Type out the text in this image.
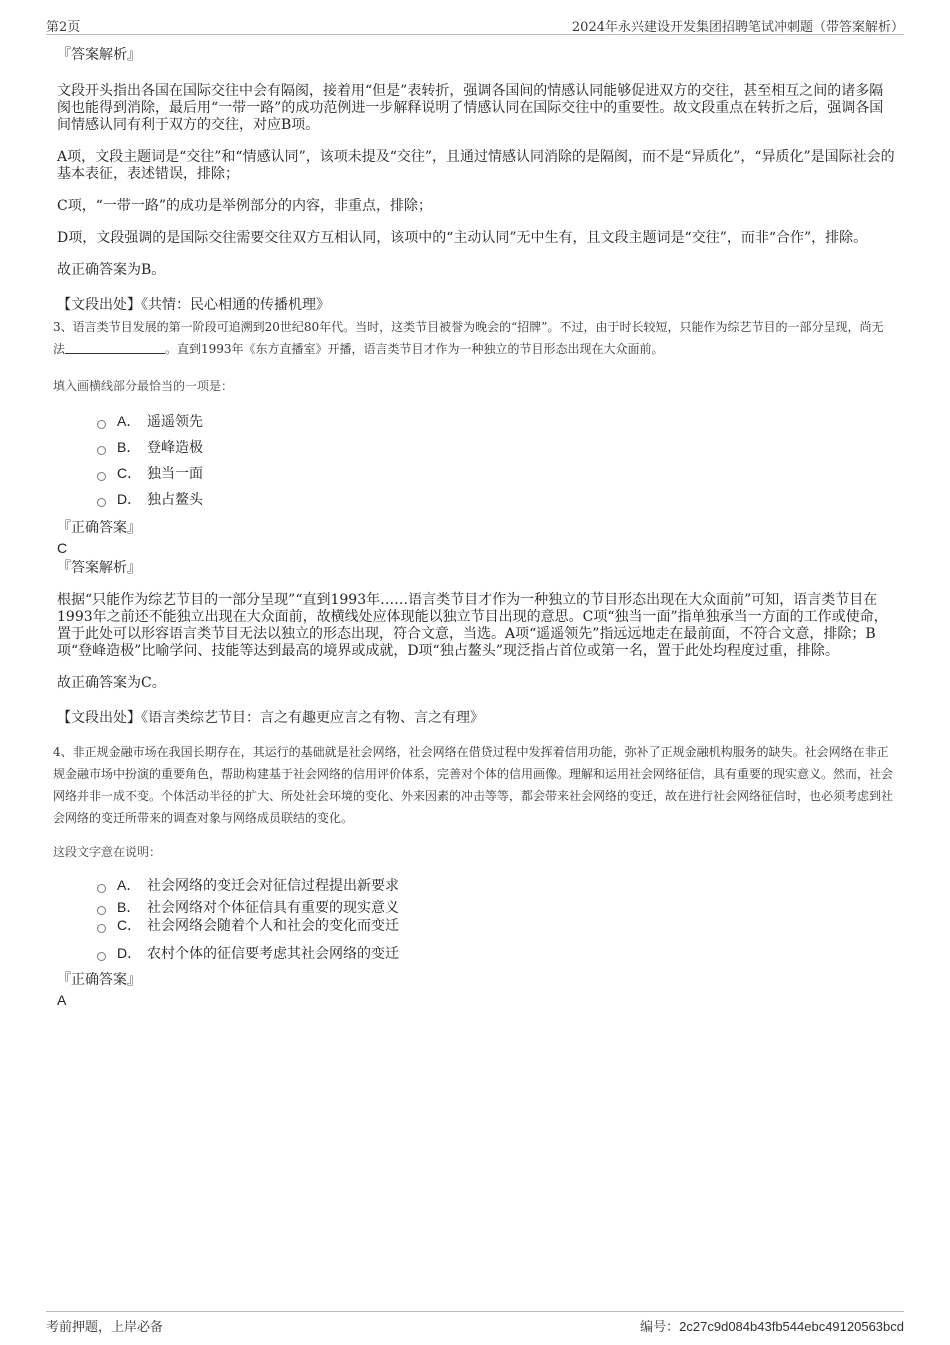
第2页	2024年永兴建设开发集团招聘笔试冲刺题（带答案解析）

『答案解析』

文段开头指出各国在国际交往中会有隔阂，接着用“但是”表转折，强调各国间的情感认同能够促进双方的交往，甚至相互之间的诸多隔阂也能得到消除，最后用“一带一路”的成功范例进一步解释说明了情感认同在国际交往中的重要性。故文段重点在转折之后，强调各国间情感认同有利于双方的交往，对应B项。

A项，文段主题词是“交往”和“情感认同”，该项未提及“交往”，且通过情感认同消除的是隔阂，而不是“异质化”，“异质化”是国际社会的基本表征，表述错误，排除；

C项，“一带一路”的成功是举例部分的内容，非重点，排除；

D项，文段强调的是国际交往需要交往双方互相认同，该项中的“主动认同”无中生有，且文段主题词是“交往”，而非“合作”，排除。

故正确答案为B。

【文段出处】《共情：民心相通的传播机理》

3、语言类节目发展的第一阶段可追溯到20世纪80年代。当时，这类节目被誉为晚会的“招牌”。不过，由于时长较短，只能作为综艺节目的一部分呈现，尚无法	。直到1993年《东方直播室》开播，语言类节目才作为一种独立的节目形态出现在大众面前。

填入画横线部分最恰当的一项是：

A． 遥遥领先
B． 登峰造极
C． 独当一面
D． 独占鳌头

『正确答案』

C

『答案解析』

根据“只能作为综艺节目的一部分呈现”“直到1993年……语言类节目才作为一种独立的节目形态出现在大众面前”可知，语言类节目在1993年之前还不能独立出现在大众面前，故横线处应体现能以独立节目出现的意思。C项“独当一面”指单独承当一方面的工作或使命，置于此处可以形容语言类节目无法以独立的形态出现，符合文意，当选。A项“遥遥领先”指远远地走在最前面，不符合文意，排除；B项“登峰造极”比喻学问、技能等达到最高的境界或成就，D项“独占鳌头”现泛指占首位或第一名，置于此处均程度过重，排除。

故正确答案为C。

【文段出处】《语言类综艺节目：言之有趣更应言之有物、言之有理》

4、非正规金融市场在我国长期存在，其运行的基础就是社会网络，社会网络在借贷过程中发挥着信用功能，弥补了正规金融机构服务的缺失。社会网络在非正规金融市场中扮演的重要角色，帮助构建基于社会网络的信用评价体系，完善对个体的信用画像。理解和运用社会网络征信，具有重要的现实意义。然而，社会网络并非一成不变。个体活动半径的扩大、所处社会环境的变化、外来因素的冲击等等，都会带来社会网络的变迁，故在进行社会网络征信时，也必须考虑到社会网络的变迁所带来的调查对象与网络成员联结的变化。

这段文字意在说明：

A． 社会网络的变迁会对征信过程提出新要求
B． 社会网络对个体征信具有重要的现实意义
C． 社会网络会随着个人和社会的变化而变迁
D． 农村个体的征信要考虑其社会网络的变迁

『正确答案』

A

考前押题，上岸必备	编号：2c27c9d084b43fb544ebc49120563bcd
